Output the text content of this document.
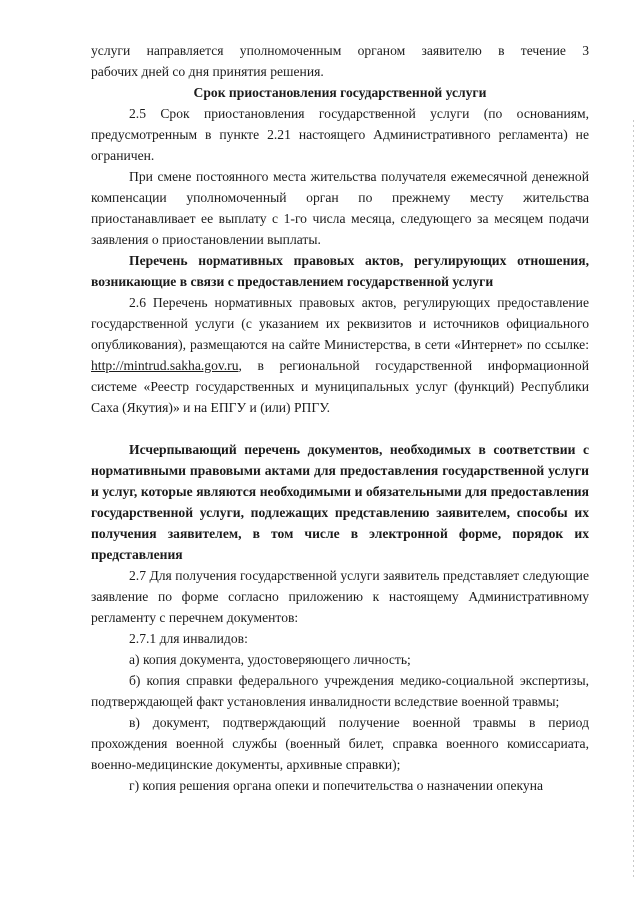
услуги направляется уполномоченным органом заявителю в течение 3

рабочих дней со дня принятия решения.

Срок приостановления государственной услуги

2.5 Срок приостановления государственной услуги (по основаниям, предусмотренным в пункте 2.21 настоящего Административного регламента) не ограничен.

При смене постоянного места жительства получателя ежемесячной денежной компенсации уполномоченный орган по прежнему месту жительства приостанавливает ее выплату с 1-го числа месяца, следующего за месяцем подачи заявления о приостановлении выплаты.

Перечень нормативных правовых актов, регулирующих отношения, возникающие в связи с предоставлением государственной услуги

2.6 Перечень нормативных правовых актов, регулирующих предоставление государственной услуги (с указанием их реквизитов и источников официального опубликования), размещаются на сайте Министерства, в сети «Интернет» по ссылке: http://mintrud.sakha.gov.ru, в региональной государственной информационной системе «Реестр государственных и муниципальных услуг (функций) Республики Саха (Якутия)» и на ЕПГУ и (или) РПГУ.

Исчерпывающий перечень документов, необходимых в соответствии с нормативными правовыми актами для предоставления государственной услуги и услуг, которые являются необходимыми и обязательными для предоставления государственной услуги, подлежащих представлению заявителем, способы их получения заявителем, в том числе в электронной форме, порядок их представления

2.7 Для получения государственной услуги заявитель представляет следующие заявление по форме согласно приложению к настоящему Административному регламенту с перечнем документов:

2.7.1 для инвалидов:

а) копия документа, удостоверяющего личность;

б) копия справки федерального учреждения медико-социальной экспертизы, подтверждающей факт установления инвалидности вследствие военной травмы;

в) документ, подтверждающий получение военной травмы в период прохождения военной службы (военный билет, справка военного комиссариата, военно-медицинские документы, архивные справки);

г) копия решения органа опеки и попечительства о назначении опекуна
